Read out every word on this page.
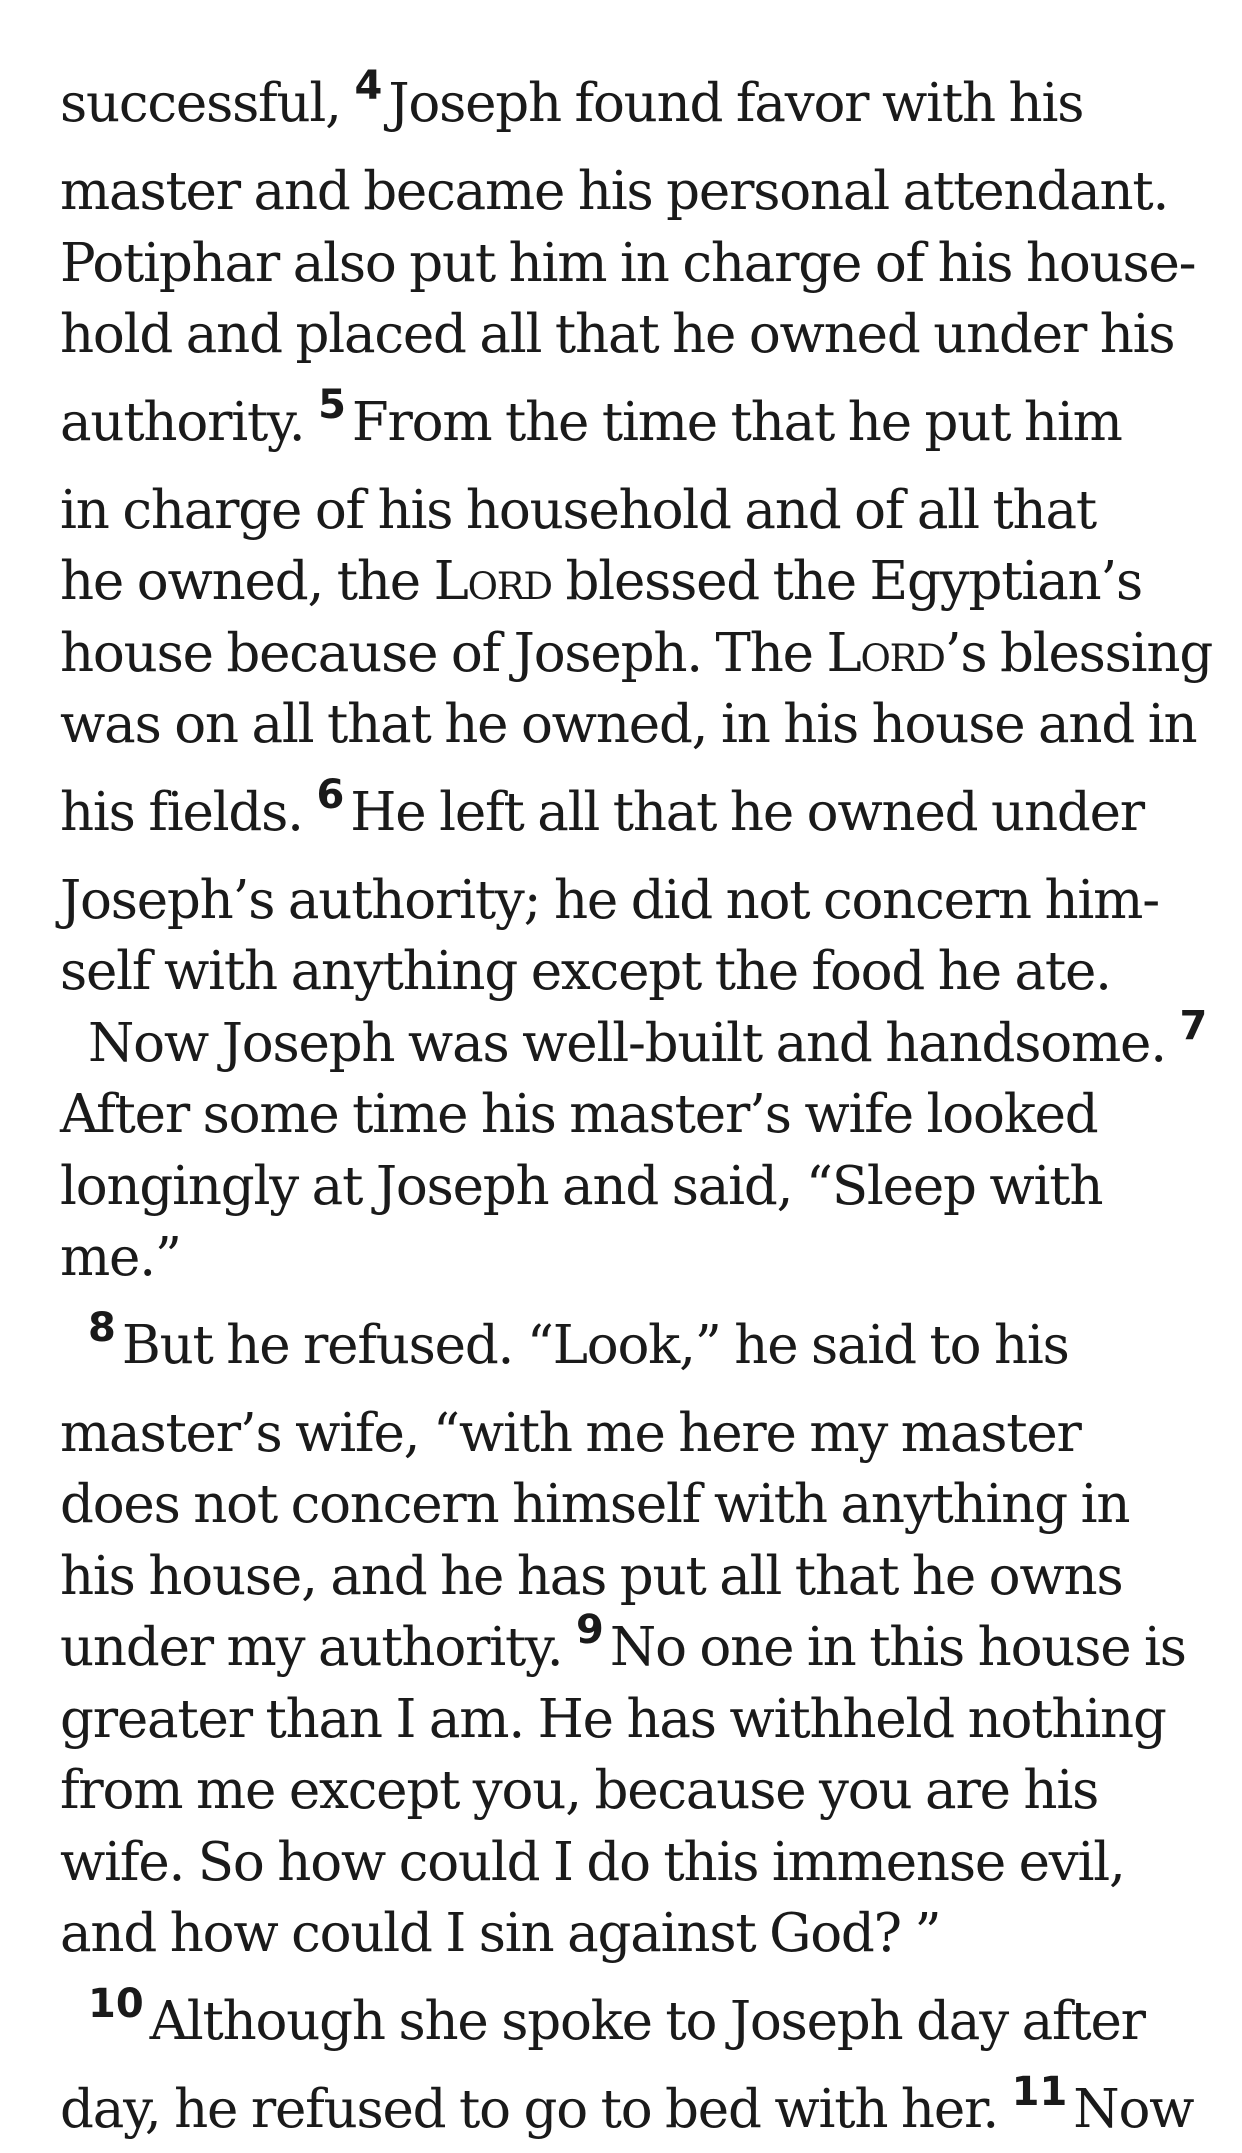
successful, $^4$ Joseph found favor with his
master and became his personal attendant.
Potiphar also put him in charge of his house-
hold and placed all that he owned under his
authority. $^5$ From the time that he put him
in charge of his household and of all that
he owned, the Lord blessed the Egyptian’s
house because of Joseph. The Lord’s blessing
was on all that he owned, in his house and in
his fields. $^6$ He left all that he owned under
Joseph’s authority; he did not concern him-
self with anything except the food he ate.
Now Joseph was well-built and handsome. $^7$
After some time his master’s wife looked
longingly at Joseph and said, “Sleep with
me.”
$^8$ But he refused. “Look,” he said to his
master’s wife, “with me here my master
does not concern himself with anything in
his house, and he has put all that he owns
under my authority. $^9$ No one in this house is
greater than I am. He has withheld nothing
from me except you, because you are his
wife. So how could I do this immense evil,
and how could I sin against God? ”
$^{10}$ Although she spoke to Joseph day after
day, he refused to go to bed with her. $^{11}$ Now
